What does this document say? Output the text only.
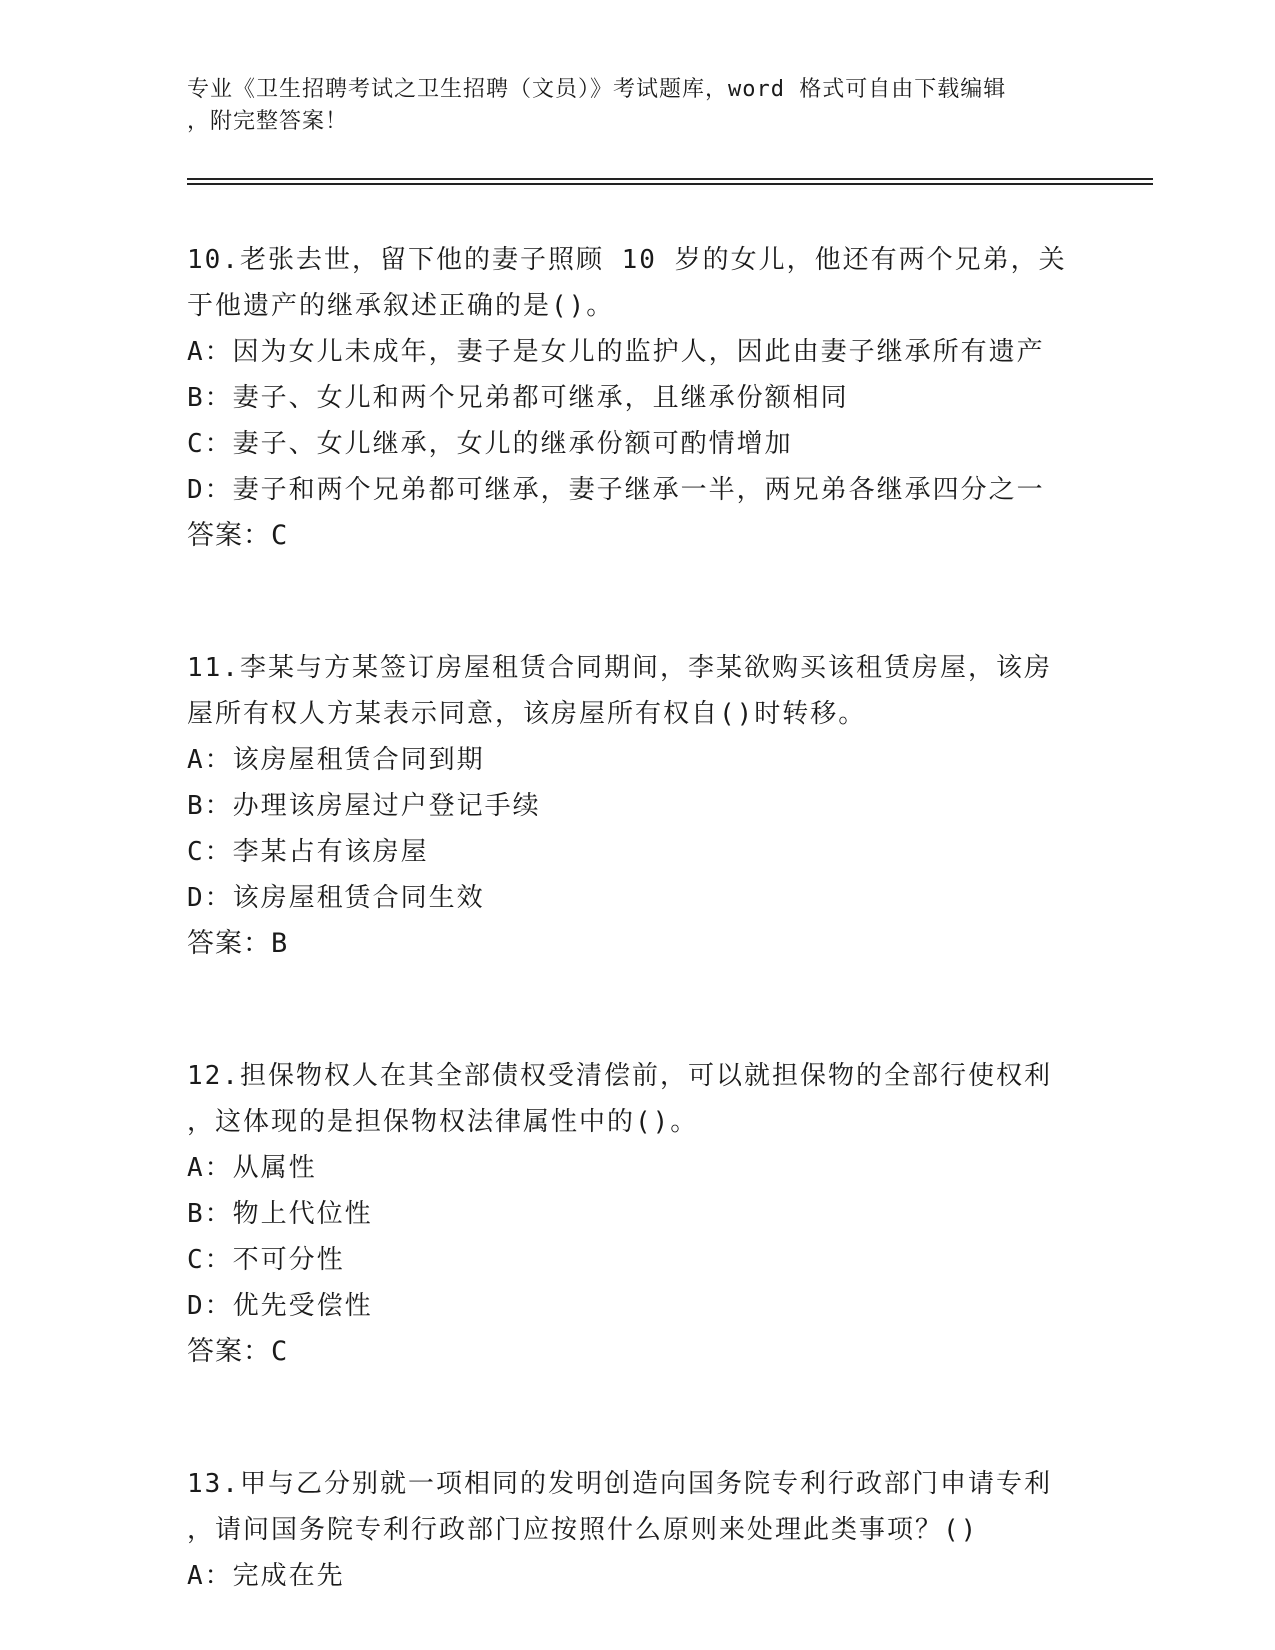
专业《卫生招聘考试之卫生招聘（文员）》考试题库，word 格式可自由下载编辑
，附完整答案！
10.老张去世，留下他的妻子照顾 10 岁的女儿，他还有两个兄弟，关
于他遗产的继承叙述正确的是()。
A：因为女儿未成年，妻子是女儿的监护人，因此由妻子继承所有遗产
B：妻子、女儿和两个兄弟都可继承，且继承份额相同
C：妻子、女儿继承，女儿的继承份额可酌情增加
D：妻子和两个兄弟都可继承，妻子继承一半，两兄弟各继承四分之一
答案：C
11.李某与方某签订房屋租赁合同期间，李某欲购买该租赁房屋，该房
屋所有权人方某表示同意，该房屋所有权自()时转移。
A：该房屋租赁合同到期
B：办理该房屋过户登记手续
C：李某占有该房屋
D：该房屋租赁合同生效
答案：B
12.担保物权人在其全部债权受清偿前，可以就担保物的全部行使权利
，这体现的是担保物权法律属性中的()。
A：从属性
B：物上代位性
C：不可分性
D：优先受偿性
答案：C
13.甲与乙分别就一项相同的发明创造向国务院专利行政部门申请专利
，请问国务院专利行政部门应按照什么原则来处理此类事项？()
A：完成在先
